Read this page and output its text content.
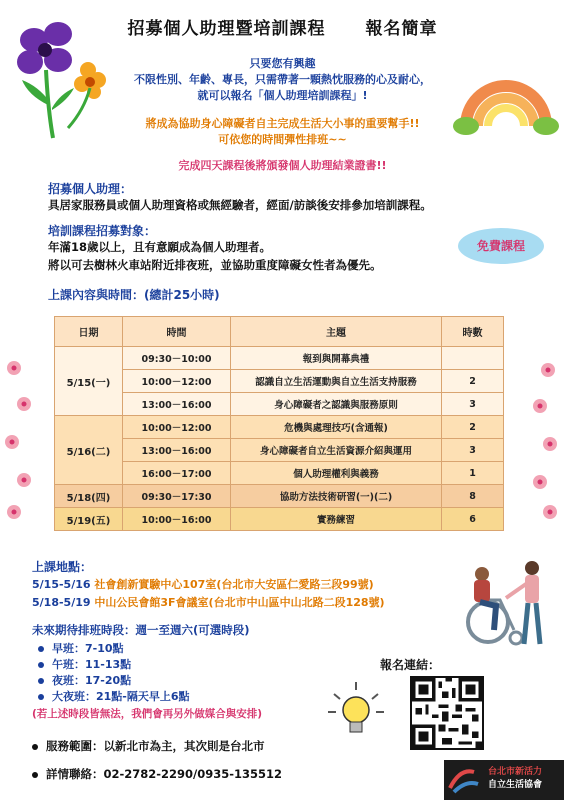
招募個人助理暨培訓課程 報名簡章
只要您有興趣
不限性別、年齡、專長，只需帶著一顆熱忱服務的心及耐心，
就可以報名「個人助理培訓課程」!
將成為協助身心障礙者自主完成生活大小事的重要幫手!!
可依您的時間彈性排班~~
完成四天課程後將頒發個人助理結業證書!!
招募個人助理：
具居家服務員或個人助理資格或無經驗者，經面/訪談後安排參加培訓課程。
培訓課程招募對象：
年滿18歲以上，且有意願成為個人助理者。
將以可去樹林火車站附近排夜班，並協助重度障礙女性者為優先。
免費課程
上課內容與時間：(總計25小時)
日期	時間	主題	時數
5/15(一)	09:30－10:00	報到與開幕典禮	
	10:00－12:00	認識自立生活運動與自立生活支持服務	2
	13:00－16:00	身心障礙者之認識與服務原則	3
5/16(二)	10:00－12:00	危機與處理技巧(含通報)	2
	13:00－16:00	身心障礙者自立生活資源介紹與運用	3
	16:00－17:00	個人助理權利與義務	1
5/18(四)	09:30－17:30	協助方法技術研習(一)(二)	8
5/19(五)	10:00－16:00	實務練習	6
上課地點：
5/15-5/16 社會創新實驗中心107室(台北市大安區仁愛路三段99號)
5/18-5/19 中山公民會館3F會議室(台北市中山區中山北路二段128號)
未來期待排班時段：週一至週六(可選時段)
早班：7-10點
午班：11-13點
夜班：17-20點
大夜班：21點-隔天早上6點
(若上述時段皆無法，我們會再另外做媒合與安排)
服務範圍：以新北市為主，其次則是台北市
詳情聯絡：02-2782-2290/0935-135512
報名連結：
台北市新活力
自立生活協會
